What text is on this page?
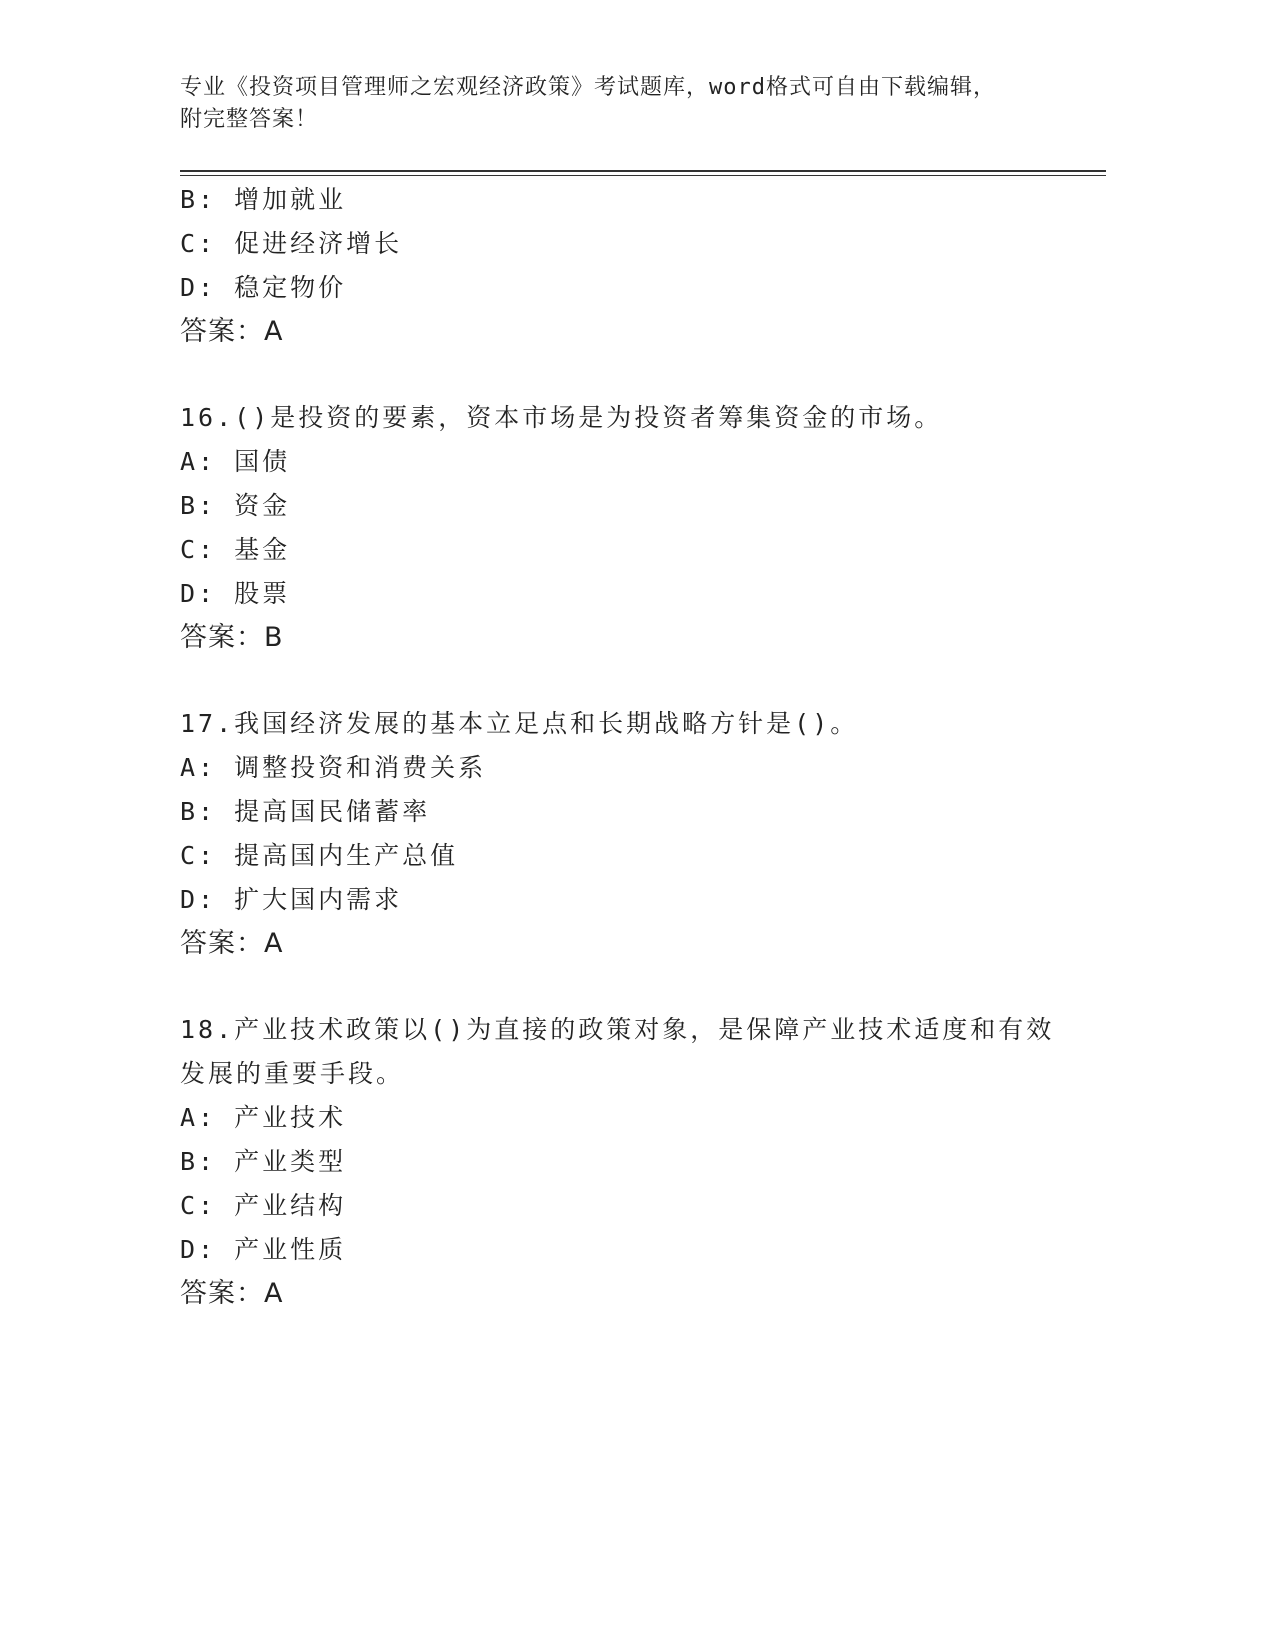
专业《投资项目管理师之宏观经济政策》考试题库，word格式可自由下载编辑，
附完整答案！
B: 增加就业
C: 促进经济增长
D: 稳定物价
答案：A
16.()是投资的要素，资本市场是为投资者筹集资金的市场。
A: 国债
B: 资金
C: 基金
D: 股票
答案：B
17.我国经济发展的基本立足点和长期战略方针是()。
A: 调整投资和消费关系
B: 提高国民储蓄率
C: 提高国内生产总值
D: 扩大国内需求
答案：A
18.产业技术政策以()为直接的政策对象，是保障产业技术适度和有效
发展的重要手段。
A: 产业技术
B: 产业类型
C: 产业结构
D: 产业性质
答案：A
